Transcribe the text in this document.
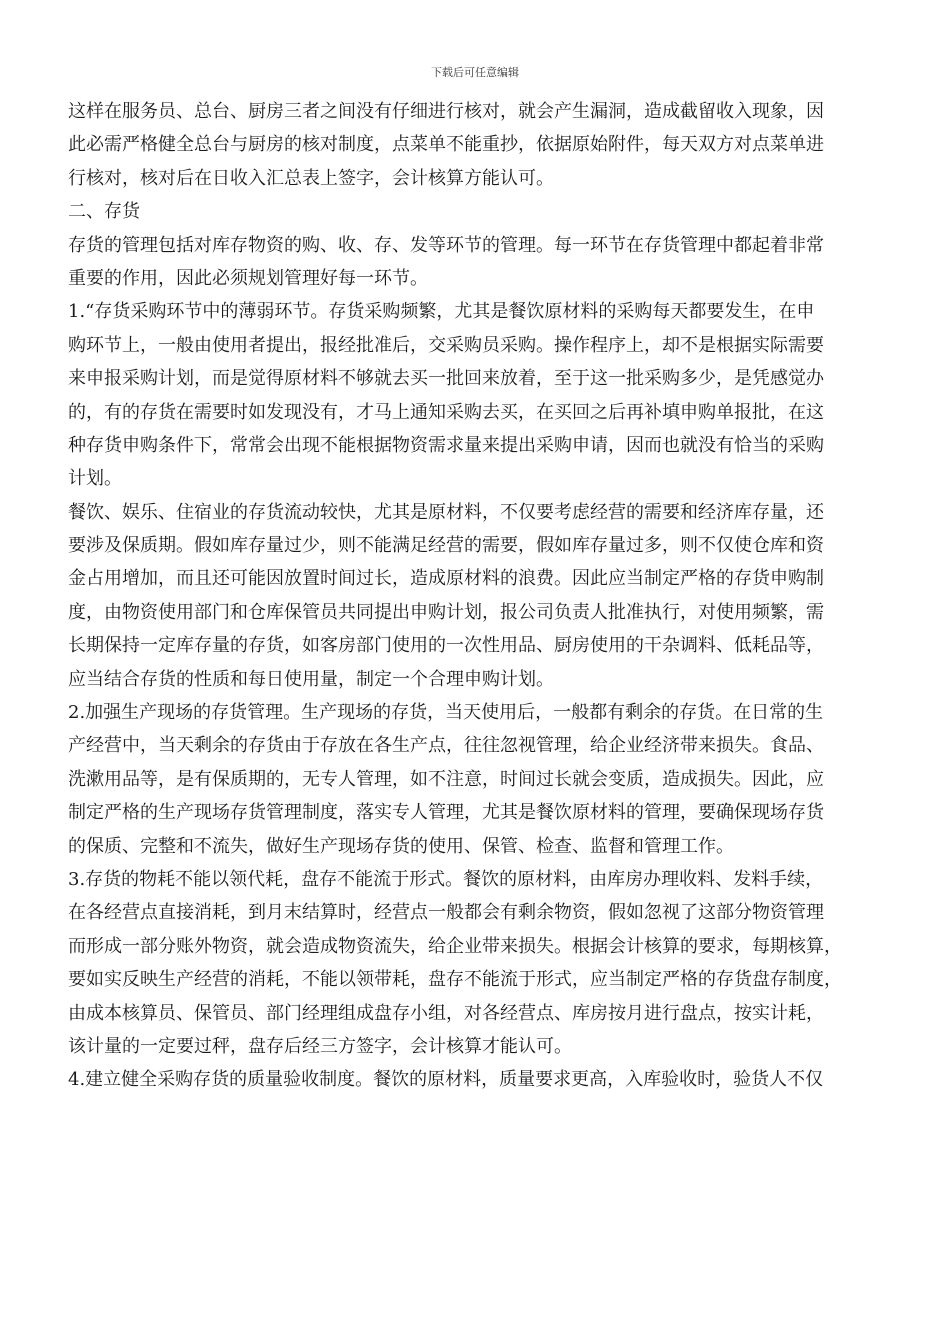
下载后可任意编辑
这样在服务员、总台、厨房三者之间没有仔细进行核对，就会产生漏洞，造成截留收入现象，因
此必需严格健全总台与厨房的核对制度，点菜单不能重抄，依据原始附件，每天双方对点菜单进
行核对，核对后在日收入汇总表上签字，会计核算方能认可。
二、存货
存货的管理包括对库存物资的购、收、存、发等环节的管理。每一环节在存货管理中都起着非常
重要的作用，因此必须规划管理好每一环节。
1.“存货采购环节中的薄弱环节。存货采购频繁，尤其是餐饮原材料的采购每天都要发生，在申
购环节上，一般由使用者提出，报经批准后，交采购员采购。操作程序上，却不是根据实际需要
来申报采购计划，而是觉得原材料不够就去买一批回来放着，至于这一批采购多少，是凭感觉办
的，有的存货在需要时如发现没有，才马上通知采购去买，在买回之后再补填申购单报批，在这
种存货申购条件下，常常会出现不能根据物资需求量来提出采购申请，因而也就没有恰当的采购
计划。
餐饮、娱乐、住宿业的存货流动较快，尤其是原材料，不仅要考虑经营的需要和经济库存量，还
要涉及保质期。假如库存量过少，则不能满足经营的需要，假如库存量过多，则不仅使仓库和资
金占用增加，而且还可能因放置时间过长，造成原材料的浪费。因此应当制定严格的存货申购制
度，由物资使用部门和仓库保管员共同提出申购计划，报公司负责人批准执行，对使用频繁，需
长期保持一定库存量的存货，如客房部门使用的一次性用品、厨房使用的干杂调料、低耗品等，
应当结合存货的性质和每日使用量，制定一个合理申购计划。
2.加强生产现场的存货管理。生产现场的存货，当天使用后，一般都有剩余的存货。在日常的生
产经营中，当天剩余的存货由于存放在各生产点，往往忽视管理，给企业经济带来损失。食品、
洗漱用品等，是有保质期的，无专人管理，如不注意，时间过长就会变质，造成损失。因此，应
制定严格的生产现场存货管理制度，落实专人管理，尤其是餐饮原材料的管理，要确保现场存货
的保质、完整和不流失，做好生产现场存货的使用、保管、检查、监督和管理工作。
3.存货的物耗不能以领代耗，盘存不能流于形式。餐饮的原材料，由库房办理收料、发料手续，
在各经营点直接消耗，到月末结算时，经营点一般都会有剩余物资，假如忽视了这部分物资管理
而形成一部分账外物资，就会造成物资流失，给企业带来损失。根据会计核算的要求，每期核算，
要如实反映生产经营的消耗，不能以领带耗，盘存不能流于形式，应当制定严格的存货盘存制度，
由成本核算员、保管员、部门经理组成盘存小组，对各经营点、库房按月进行盘点，按实计耗，
该计量的一定要过秤，盘存后经三方签字，会计核算才能认可。
4.建立健全采购存货的质量验收制度。餐饮的原材料，质量要求更高，入库验收时，验货人不仅
